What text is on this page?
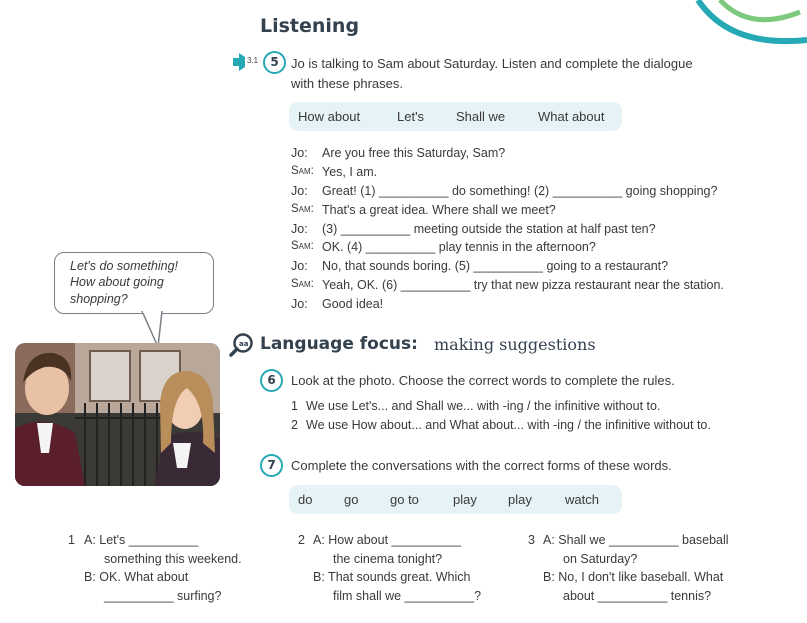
Listening
3.1	5 Jo is talking to Sam about Saturday. Listen and complete the dialogue
with these phrases.
How about	Let's Shall we	What about
Jo: Are you free this Saturday, Sam?
Sam: Yes, I am.
Jo: Great! (1) __________ do something! (2) __________ going shopping?
Sam: That's a great idea. Where shall we meet?
Jo: (3) __________ meeting outside the station at half past ten?
Sam: OK. (4) __________ play tennis in the afternoon?
Jo: No, that sounds boring. (5) __________ going to a restaurant?
Sam: Yeah, OK. (6) __________ try that new pizza restaurant near the station.
Jo: Good idea!
Let's do something!
How about going
shopping?
aa Language focus: making suggestions
6	Look at the photo. Choose the correct words to complete the rules.
1 We use Let's... and Shall we... with -ing / the infinitive without to.
2 We use How about... and What about... with -ing / the infinitive without to.
7	Complete the conversations with the correct forms of these words.
do go go to	play play	watch
1 A: Let's __________
something this weekend.
B: OK. What about
__________ surfing?
2 A: How about __________
the cinema tonight?
B: That sounds great. Which
film shall we __________?
3 A: Shall we __________ baseball
on Saturday?
B: No, I don't like baseball. What
about __________ tennis?
